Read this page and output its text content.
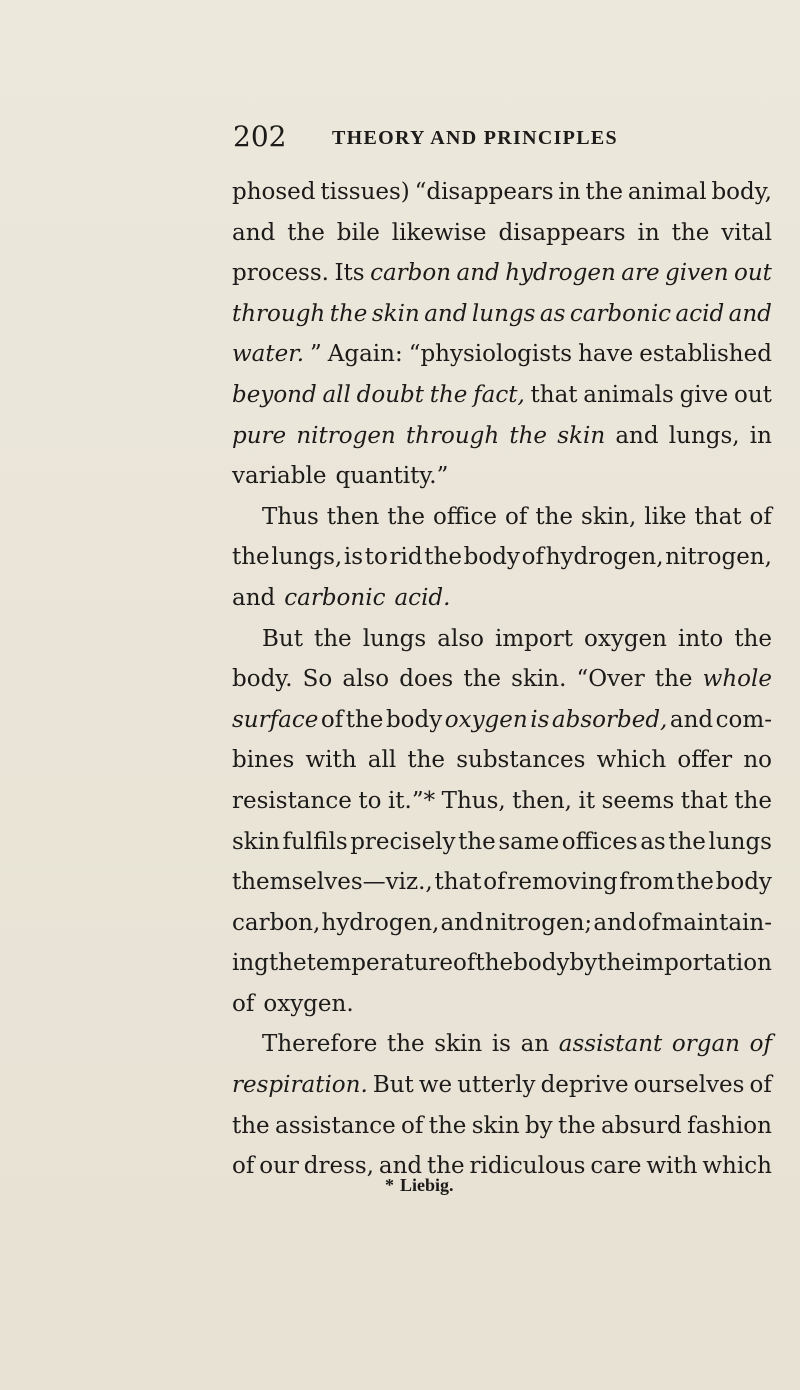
202 THEORY AND PRINCIPLES
phosed tissues) “disappears in the animal body,
and the bile likewise disappears in the vital
process. Its carbon and hydrogen are given out
through the skin and lungs as carbonic acid and
water. ” Again: “physiologists have established
beyond all doubt the fact, that animals give out
pure nitrogen through the skin and lungs, in
variable quantity.”
Thus then the office of the skin, like that of
the lungs, is to rid the body of hydrogen, nitrogen,
and carbonic acid.
But the lungs also import oxygen into the
body. So also does the skin. “Over the whole
surface of the body oxygen is absorbed, and com-
bines with all the substances which offer no
resistance to it.”* Thus, then, it seems that the
skin fulfils precisely the same offices as the lungs
themselves—viz., that of removing from the body
carbon, hydrogen, and nitrogen; and of maintain-
ing the temperature of the body by the importation
of oxygen.
Therefore the skin is an assistant organ of
respiration. But we utterly deprive ourselves of
the assistance of the skin by the absurd fashion
of our dress, and the ridiculous care with which
* Liebig.
